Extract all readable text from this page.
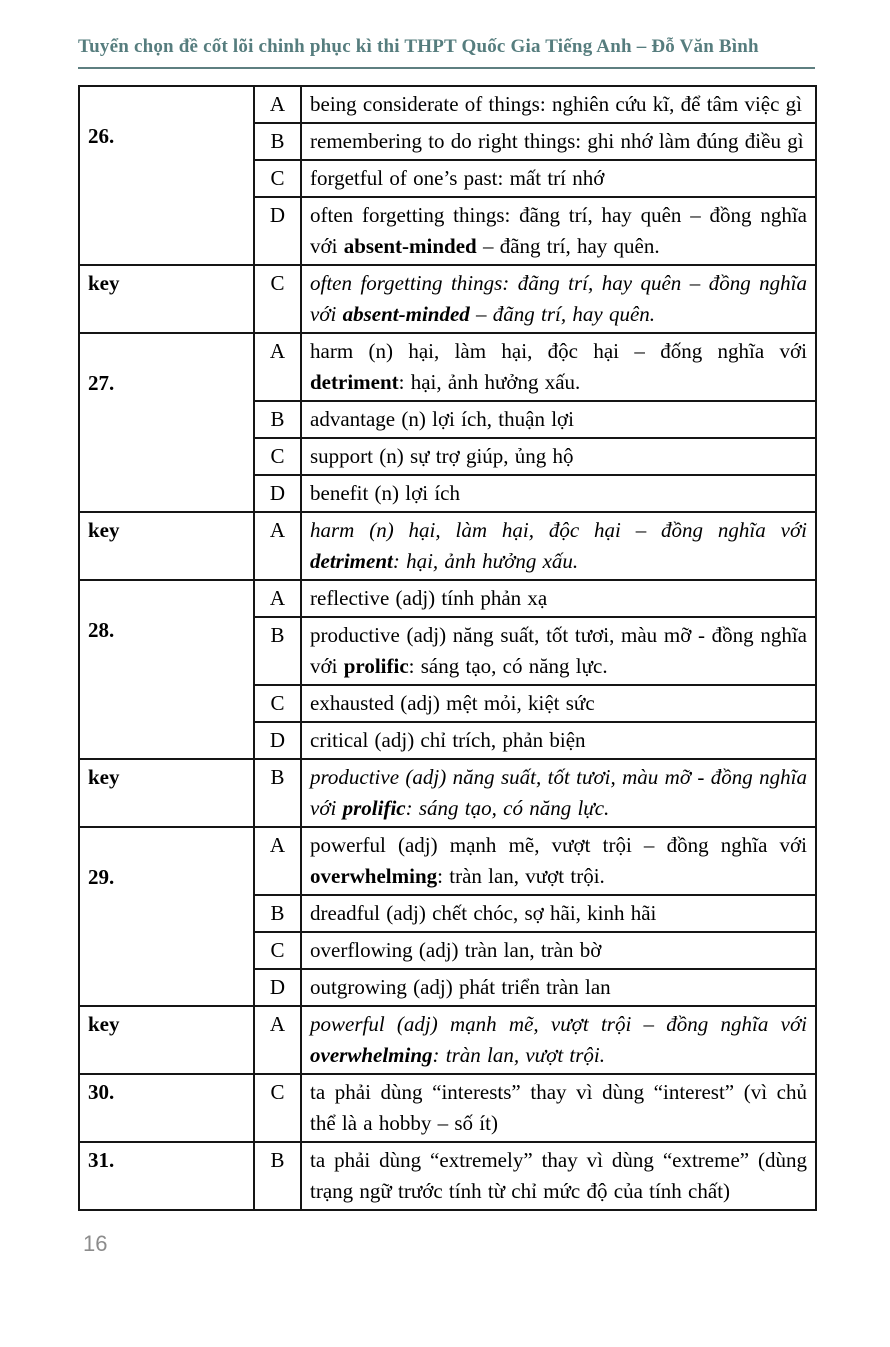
Tuyển chọn đề cốt lõi chinh phục kì thi THPT Quốc Gia Tiếng Anh – Đỗ Văn Bình
26.	A	being considerate of things: nghiên cứu kĩ, để tâm việc gì
	B	remembering to do right things: ghi nhớ làm đúng điều gì
	C	forgetful of one’s past: mất trí nhớ
	D	often forgetting things: đãng trí, hay quên – đồng nghĩa với absent-minded – đãng trí, hay quên.
key	C	often forgetting things: đãng trí, hay quên – đồng nghĩa với absent-minded – đãng trí, hay quên.
27.	A	harm (n) hại, làm hại, độc hại – đống nghĩa với detriment: hại, ảnh hưởng xấu.
	B	advantage (n) lợi ích, thuận lợi
	C	support (n) sự trợ giúp, ủng hộ
	D	benefit (n) lợi ích
key	A	harm (n) hại, làm hại, độc hại – đồng nghĩa với detriment: hại, ảnh hưởng xấu.
28.	A	reflective (adj) tính phản xạ
	B	productive (adj) năng suất, tốt tươi, màu mỡ - đồng nghĩa với prolific: sáng tạo, có năng lực.
	C	exhausted (adj) mệt mỏi, kiệt sức
	D	critical (adj) chỉ trích, phản biện
key	B	productive (adj) năng suất, tốt tươi, màu mỡ - đồng nghĩa với prolific: sáng tạo, có năng lực.
29.	A	powerful (adj) mạnh mẽ, vượt trội – đồng nghĩa với overwhelming: tràn lan, vượt trội.
	B	dreadful (adj) chết chóc, sợ hãi, kinh hãi
	C	overflowing (adj) tràn lan, tràn bờ
	D	outgrowing (adj) phát triển tràn lan
key	A	powerful (adj) mạnh mẽ, vượt trội – đồng nghĩa với overwhelming: tràn lan, vượt trội.
30.	C	ta phải dùng “interests” thay vì dùng “interest” (vì chủ thể là a hobby – số ít)
31.	B	ta phải dùng “extremely” thay vì dùng “extreme” (dùng trạng ngữ trước tính từ chỉ mức độ của tính chất)
16
